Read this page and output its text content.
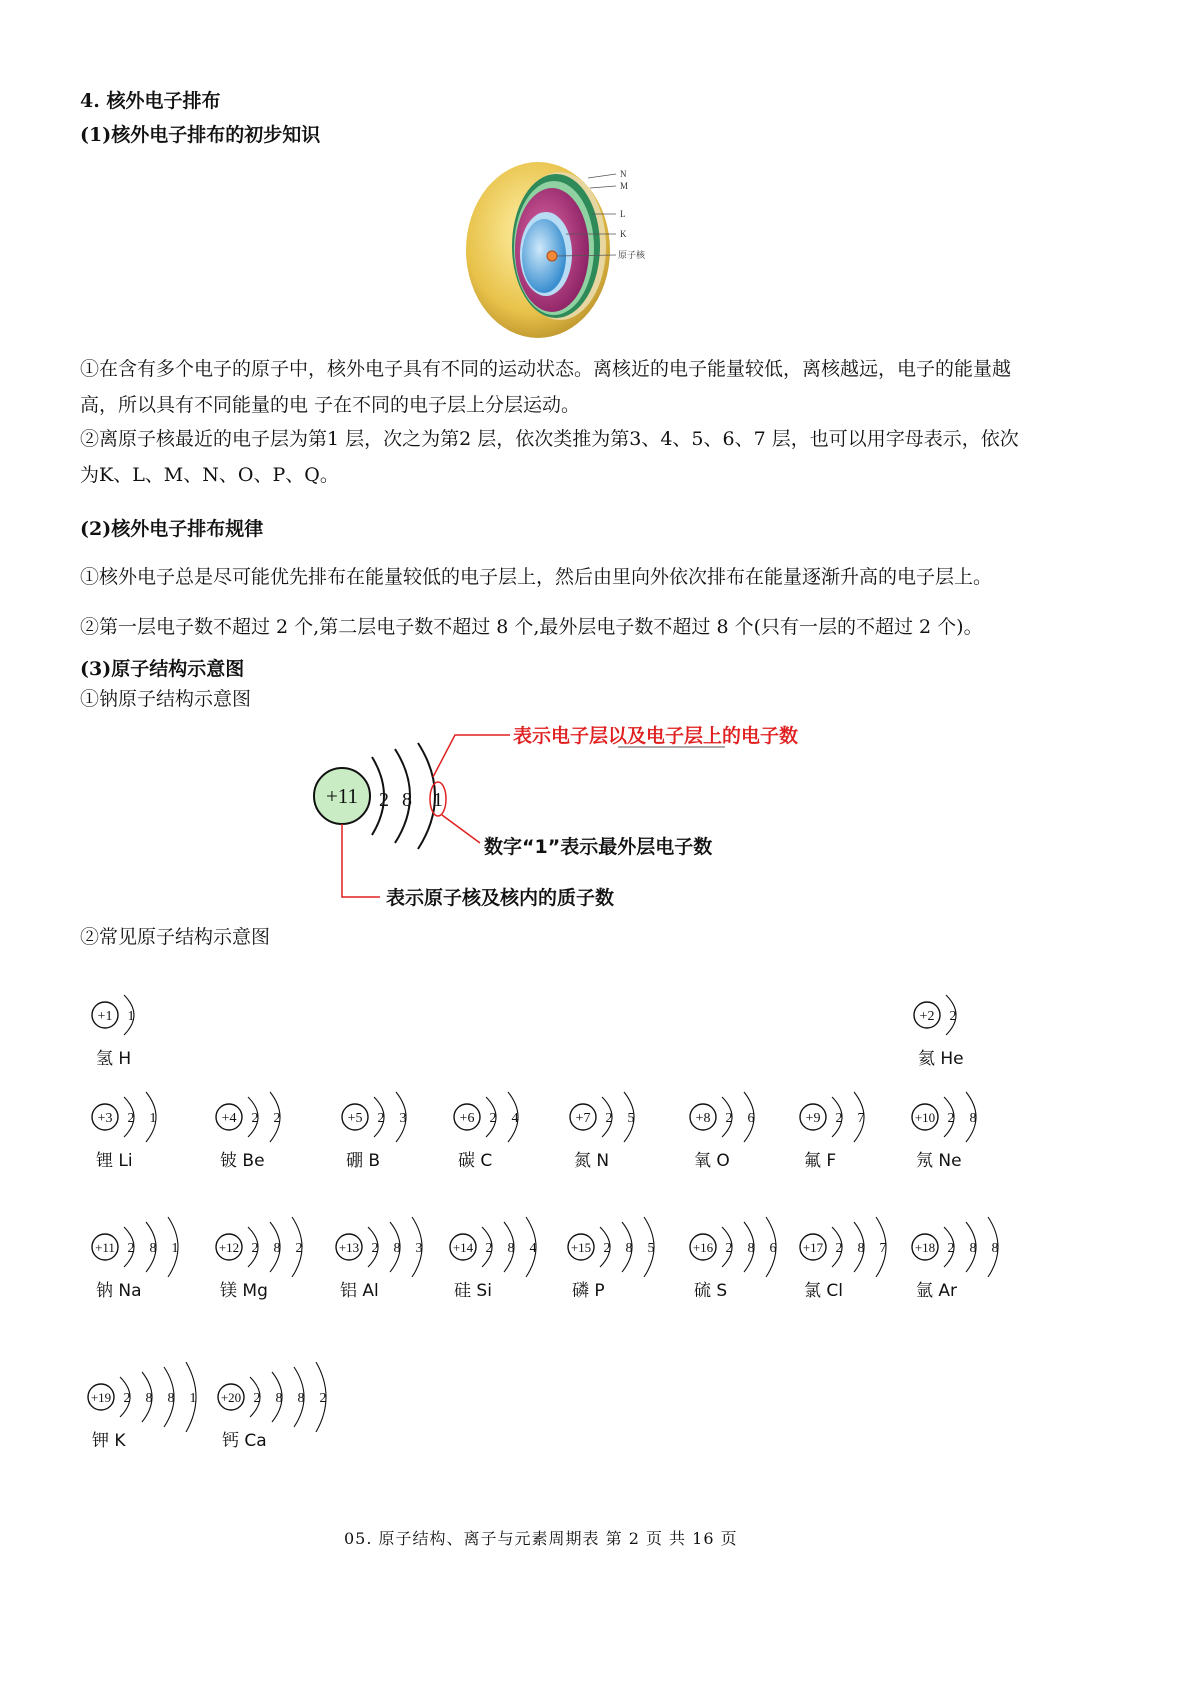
4. 核外电子排布
(1)核外电子排布的初步知识
N
M
L
K
原子核
①在含有多个电子的原子中，核外电子具有不同的运动状态。离核近的电子能量较低，离核越远，电子的能量越
高，所以具有不同能量的电 子在不同的电子层上分层运动。
②离原子核最近的电子层为第1 层，次之为第2 层，依次类推为第3、4、5、6、7 层，也可以用字母表示，依次
为K、L、M、N、O、P、Q。
(2)核外电子排布规律
①核外电子总是尽可能优先排布在能量较低的电子层上，然后由里向外依次排布在能量逐渐升高的电子层上。
②第一层电子数不超过 2 个,第二层电子数不超过 8 个,最外层电子数不超过 8 个(只有一层的不超过 2 个)。
(3)原子结构示意图
①钠原子结构示意图
+11 2 8 1
表示电子层以及电子层上的电子数
数字“1”表示最外层电子数
表示原子核及核内的质子数
②常见原子结构示意图
+1 1
氢 H
+2 2
氦 He
+3 2 1
锂 Li
+4 2 2
铍 Be
+5 2 3
硼 B
+6 2 4
碳 C
+7 2 5
氮 N
+8 2 6
氧 O
+9 2 7
氟 F
+10 2 8
氖 Ne
+11 2 8 1
钠 Na
+12 2 8 2
镁 Mg
+13 2 8 3
铝 Al
+14 2 8 4
硅 Si
+15 2 8 5
磷 P
+16 2 8 6
硫 S
+17 2 8 7
氯 Cl
+18 2 8 8
氩 Ar
+19 2 8 8 1
钾 K
+20 2 8 8 2
钙 Ca
05. 原子结构、离子与元素周期表 第 2 页 共 16 页
